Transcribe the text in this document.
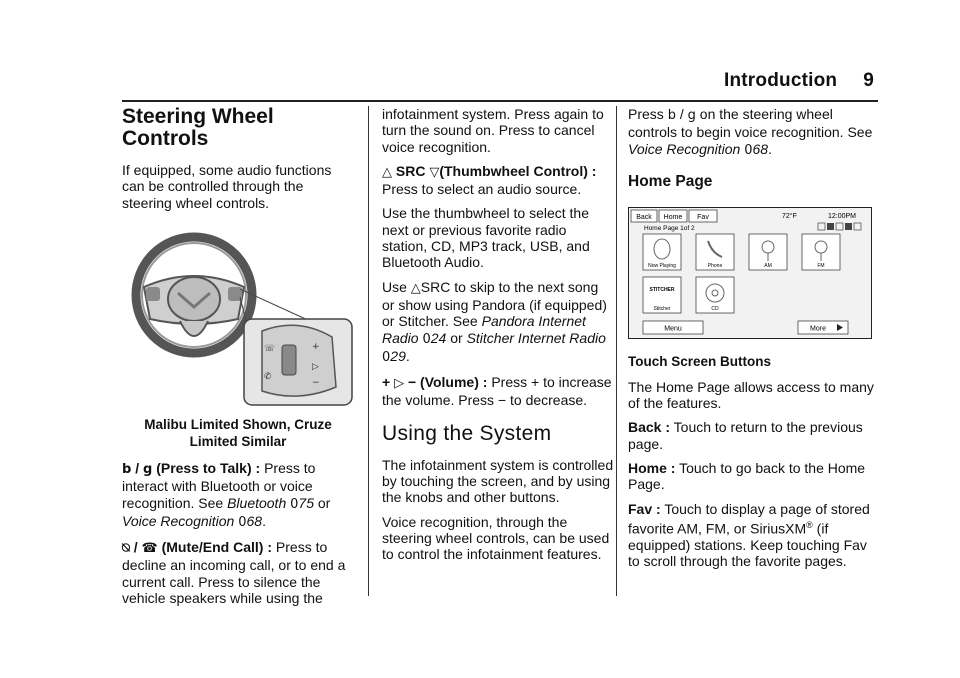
Introduction 9
Steering Wheel Controls

If equipped, some audio functions can be controlled through the steering wheel controls.

+
▷
−
☏
✆
Malibu Limited Shown, Cruze
Limited Similar

b / g (Press to Talk) : Press to interact with Bluetooth or voice recognition. See Bluetooth 075 or Voice Recognition 068.

⍉ / ☎ (Mute/End Call) : Press to decline an incoming call, or to end a current call. Press to silence the vehicle speakers while using the

infotainment system. Press again to turn the sound on. Press to cancel voice recognition.

△ SRC ▽(Thumbwheel Control) :
Press to select an audio source.

Use the thumbwheel to select the next or previous favorite radio station, CD, MP3 track, USB, and Bluetooth Audio.

Use △SRC to skip to the next song or show using Pandora (if equipped) or Stitcher. See Pandora Internet Radio 024 or Stitcher Internet Radio 029.

+ ▷ − (Volume) : Press + to increase the volume. Press − to decrease.

Using the System

The infotainment system is controlled by touching the screen, and by using the knobs and other buttons.

Voice recognition, through the steering wheel controls, can be used to control the infotainment features.

Press b / g on the steering wheel controls to begin voice recognition. See Voice Recognition 068.

Home Page
Back Home Fav	72°F	12:00PM
Home Page 1of 2
Now Playing	Phone	AM	FM
STITCHER
Stitcher	CD
Menu	More
Touch Screen Buttons

The Home Page allows access to many of the features.

Back : Touch to return to the previous page.

Home : Touch to go back to the Home Page.

Fav : Touch to display a page of stored favorite AM, FM, or SiriusXM® (if equipped) stations. Keep touching Fav to scroll through the favorite pages.
